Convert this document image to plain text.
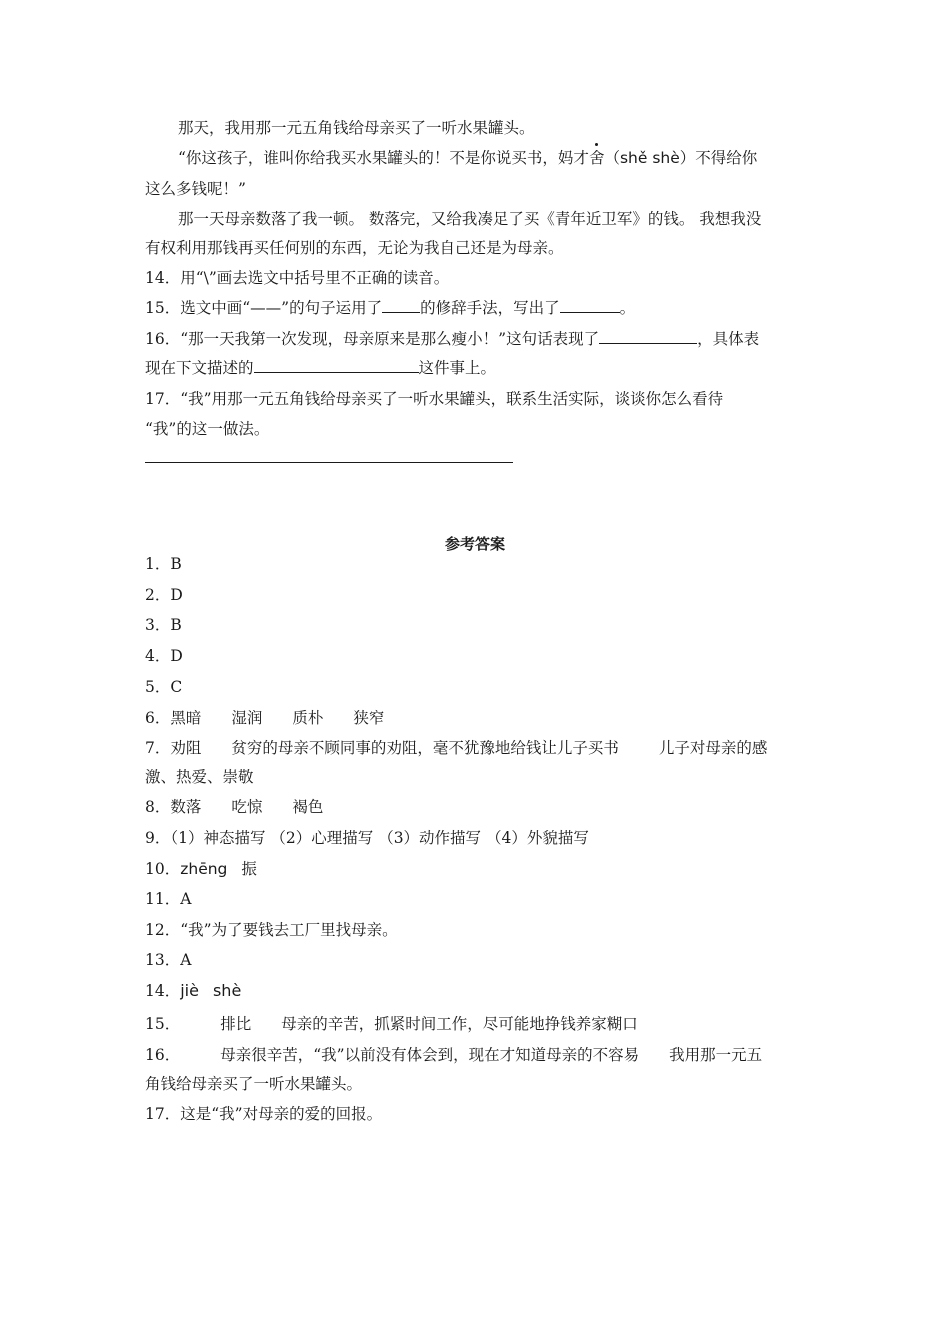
那天，我用那一元五角钱给母亲买了一听水果罐头。
“你这孩子，谁叫你给我买水果罐头的！不是你说买书，妈才舍（shě shè）不得给你
这么多钱呢！”
那一天母亲数落了我一顿。 数落完，又给我凑足了买《青年近卫军》的钱。 我想我没
有权利用那钱再买任何别的东西，无论为我自己还是为母亲。
14．用“\”画去选文中括号里不正确的读音。
15．选文中画“——”的句子运用了 的修辞手法，写出了	。
16．“那一天我第一次发现，母亲原来是那么瘦小！”这句话表现了	，具体表
现在下文描述的	这件事上。
17．“我”用那一元五角钱给母亲买了一听水果罐头，联系生活实际，谈谈你怎么看待
“我”的这一做法。
参考答案
1．B
2．D
3．B
4．D
5．C
6．黑暗 湿润 质朴 狭窄
7．劝阻 贫穷的母亲不顾同事的劝阻，毫不犹豫地给钱让儿子买书	儿子对母亲的感
激、热爱、崇敬
8．数落 吃惊 褐色
9．（1）神态描写 （2）心理描写 （3）动作描写 （4）外貌描写
10．zhēng 振
11．A
12．“我”为了要钱去工厂里找母亲。
13．A
14．jiè shè
15．	排比 母亲的辛苦，抓紧时间工作，尽可能地挣钱养家糊口
16．	母亲很辛苦，“我”以前没有体会到，现在才知道母亲的不容易 我用那一元五
角钱给母亲买了一听水果罐头。
17．这是“我”对母亲的爱的回报。
